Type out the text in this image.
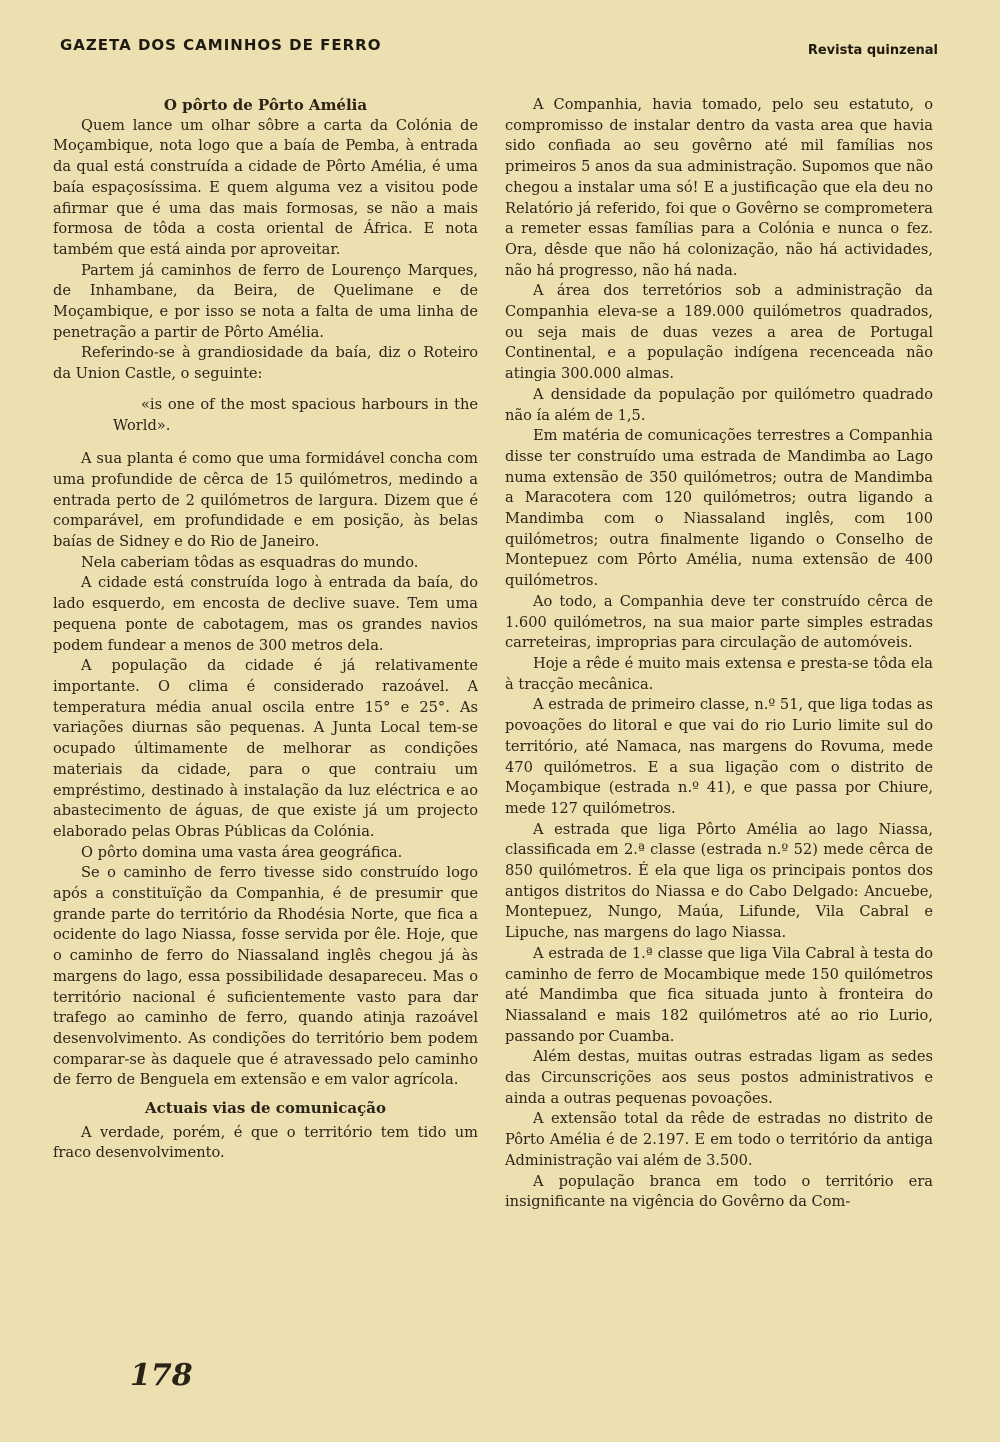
GAZETA DOS CAMINHOS DE FERRO	Revista quinzenal
O pôrto de Pôrto Amélia

Quem lance um olhar sôbre a carta da Colónia de Moçambique, nota logo que a baía de Pemba, à entrada da qual está construída a cidade de Pôrto Amélia, é uma baía espaçosíssima. E quem alguma vez a visitou pode afirmar que é uma das mais formosas, se não a mais formosa de tôda a costa oriental de África. E nota também que está ainda por aproveitar.

Partem já caminhos de ferro de Lourenço Marques, de Inhambane, da Beira, de Quelimane e de Moçambique, e por isso se nota a falta de uma linha de penetração a partir de Pôrto Amélia.

Referindo-se à grandiosidade da baía, diz o Roteiro da Union Castle, o seguinte:

«is one of the most spacious harbours in the World».

A sua planta é como que uma formidável concha com uma profundide de cêrca de 15 quilómetros, medindo a entrada perto de 2 quilómetros de largura. Dizem que é comparável, em profundidade e em posição, às belas baías de Sidney e do Rio de Janeiro.

Nela caberiam tôdas as esquadras do mundo.

A cidade está construída logo à entrada da baía, do lado esquerdo, em encosta de declive suave. Tem uma pequena ponte de cabotagem, mas os grandes navios podem fundear a menos de 300 metros dela.

A população da cidade é já relativamente importante. O clima é considerado razoável. A temperatura média anual oscila entre 15° e 25°. As variações diurnas são pequenas. A Junta Local tem-se ocupado últimamente de melhorar as condições materiais da cidade, para o que contraiu um empréstimo, destinado à instalação da luz eléctrica e ao abastecimento de águas, de que existe já um projecto elaborado pelas Obras Públicas da Colónia.

O pôrto domina uma vasta área geográfica.

Se o caminho de ferro tivesse sido construído logo após a constituïção da Companhia, é de presumir que grande parte do território da Rhodésia Norte, que fica a ocidente do lago Niassa, fosse servida por êle. Hoje, que o caminho de ferro do Niassaland inglês chegou já às margens do lago, essa possibilidade desapareceu. Mas o território nacional é suficientemente vasto para dar trafego ao caminho de ferro, quando atinja razoável desenvolvimento. As condições do território bem podem comparar-se às daquele que é atravessado pelo caminho de ferro de Benguela em extensão e em valor agrícola.

Actuais vias de comunicação

A verdade, porém, é que o território tem tido um fraco desenvolvimento.

A Companhia, havia tomado, pelo seu estatuto, o compromisso de instalar dentro da vasta area que havia sido confiada ao seu govêrno até mil famílias nos primeiros 5 anos da sua administração. Supomos que não chegou a instalar uma só! E a justificação que ela deu no Relatório já referido, foi que o Govêrno se comprometera a remeter essas famílias para a Colónia e nunca o fez. Ora, dêsde que não há colonização, não há actividades, não há progresso, não há nada.

A área dos terretórios sob a administração da Companhia eleva-se a 189.000 quilómetros quadrados, ou seja mais de duas vezes a area de Portugal Continental, e a população indígena recenceada não atingia 300.000 almas.

A densidade da população por quilómetro quadrado não ía além de 1,5.

Em matéria de comunicações terrestres a Companhia disse ter construído uma estrada de Mandimba ao Lago numa extensão de 350 quilómetros; outra de Mandimba a Maracotera com 120 quilómetros; outra ligando a Mandimba com o Niassaland inglês, com 100 quilómetros; outra finalmente ligando o Conselho de Montepuez com Pôrto Amélia, numa extensão de 400 quilómetros.

Ao todo, a Companhia deve ter construído cêrca de 1.600 quilómetros, na sua maior parte simples estradas carreteiras, improprias para circulação de automóveis.

Hoje a rêde é muito mais extensa e presta-se tôda ela à tracção mecânica.

A estrada de primeiro classe, n.º 51, que liga todas as povoações do litoral e que vai do rio Lurio limite sul do território, até Namaca, nas margens do Rovuma, mede 470 quilómetros. E a sua ligação com o distrito de Moçambique (estrada n.º 41), e que passa por Chiure, mede 127 quilómetros.

A estrada que liga Pôrto Amélia ao lago Niassa, classificada em 2.ª classe (estrada n.º 52) mede cêrca de 850 quilómetros. É ela que liga os principais pontos dos antigos distritos do Niassa e do Cabo Delgado: Ancuebe, Montepuez, Nungo, Maúa, Lifunde, Vila Cabral e Lipuche, nas margens do lago Niassa.

A estrada de 1.ª classe que liga Vila Cabral à testa do caminho de ferro de Mocambique mede 150 quilómetros até Mandimba que fica situada junto à fronteira do Niassaland e mais 182 quilómetros até ao rio Lurio, passando por Cuamba.

Além destas, muitas outras estradas ligam as sedes das Circunscrições aos seus postos administrativos e ainda a outras pequenas povoações.

A extensão total da rêde de estradas no distrito de Pôrto Amélia é de 2.197. E em todo o território da antiga Administração vai além de 3.500.

A população branca em todo o território era insignificante na vigência do Govêrno da Com-

178
